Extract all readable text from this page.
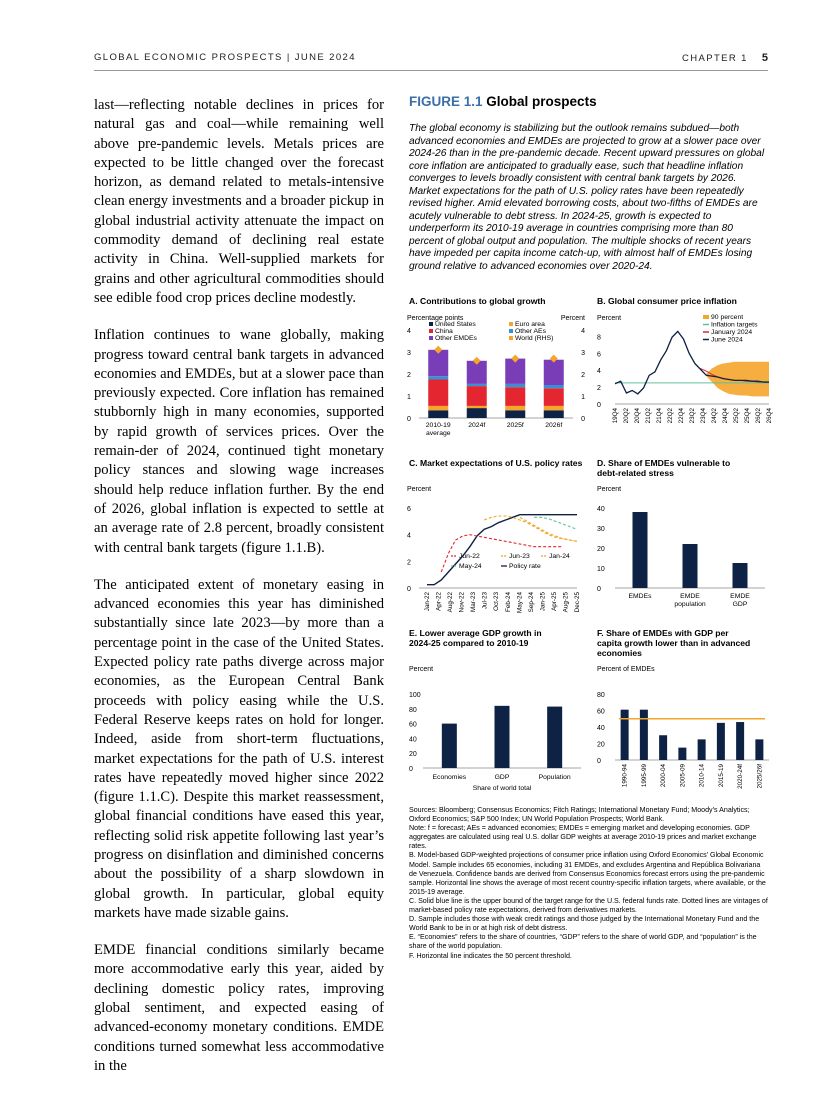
GLOBAL ECONOMIC PROSPECTS | JUNE 2024	CHAPTER 1 5

last—reflecting notable declines in prices for natural gas and coal—while remaining well above pre-pandemic levels. Metals prices are expected to be little changed over the forecast horizon, as demand related to metals-intensive clean energy investments and a broader pickup in global industrial activity attenuate the impact on commodity demand of declining real estate activity in China. Well-supplied markets for grains and other agricultural commodities should see edible food crop prices decline modestly.

Inflation continues to wane globally, making progress toward central bank targets in advanced economies and EMDEs, but at a slower pace than previously expected. Core inflation has remained stubbornly high in many economies, supported by rapid growth of services prices. Over the remain-der of 2024, continued tight monetary policy stances and slowing wage increases should help reduce inflation further. By the end of 2026, global inflation is expected to settle at an average rate of 2.8 percent, broadly consistent with central bank targets (figure 1.1.B).

The anticipated extent of monetary easing in advanced economies this year has diminished substantially since late 2023—by more than a percentage point in the case of the United States. Expected policy rate paths diverge across major economies, as the European Central Bank proceeds with policy easing while the U.S. Federal Reserve keeps rates on hold for longer. Indeed, aside from short-term fluctuations, market expectations for the path of U.S. interest rates have repeatedly moved higher since 2022 (figure 1.1.C). Despite this market reassessment, global financial conditions have eased this year, reflecting solid risk appetite following last year’s progress on disinflation and diminished concerns about the possibility of a sharp slowdown in global growth. In particular, global equity markets have made sizable gains.

EMDE financial conditions similarly became more accommodative early this year, aided by declining domestic policy rates, improving global sentiment, and expected easing of advanced-economy monetary conditions. EMDE conditions turned somewhat less accommodative in the

FIGURE 1.1 Global prospects
The global economy is stabilizing but the outlook remains subdued—both advanced economies and EMDEs are projected to grow at a slower pace over 2024-26 than in the pre-pandemic decade. Recent upward pressures on global core inflation are anticipated to gradually ease, such that headline inflation converges to levels broadly consistent with central bank targets by 2026. Market expectations for the path of U.S. policy rates have been repeatedly revised higher. Amid elevated borrowing costs, about two-fifths of EMDEs are acutely vulnerable to debt stress. In 2024-25, growth is expected to underperform its 2010-19 average in countries comprising more than 80 percent of global output and population. The multiple shocks of recent years have impeded per capita income catch-up, with almost half of EMDEs losing ground relative to advanced economies over 2020-24.
A. Contributions to global growth
Percentage points	Percent
0	0
1	1
2	2
3	3
4	4
2010-19
average
2024f	2025f	2026f
United States
China
Other EMDEs
Euro area
Other AEs
World (RHS)
B. Global consumer price inflation
Percent
0
2
4
6
8
19Q4 20Q2 20Q4 21Q2 21Q4 22Q2 22Q4 23Q2 23Q4 24Q2 24Q4 25Q2 25Q4 26Q2 26Q4
90 percent
Inflation targets
January 2024
June 2024
C. Market expectations of U.S. policy rates
Percent
0
2
4
6
Jan-22 Apr-22 Aug-22 Nov-22 Mar-23 Jul-23 Oct-23 Feb-24 May-24 Sep-24 Jan-25 Apr-25 Aug-25 Dec-25
Jun-22	Jun-23	Jan-24
May-24	Policy rate
D. Share of EMDEs vulnerable to
debt-related stress
Percent
0
10
20
30
40
EMDEs	EMDE
population
EMDE
GDP
E. Lower average GDP growth in
2024-25 compared to 2010-19
Percent
0
20
40
60
80
100
Economies	GDP	Population
Share of world total
F. Share of EMDEs with GDP per
capita growth lower than in advanced
economies
Percent of EMDEs
0
20
40
60
80
1990-94 1995-99 2000-04 2005-09 2010-14 2015-19 2020-24f 2025/26f
Sources: Bloomberg; Consensus Economics; Fitch Ratings; International Monetary Fund; Moody’s Analytics; Oxford Economics; S&P 500 Index; UN World Population Prospects; World Bank.
Note: f = forecast; AEs = advanced economies; EMDEs = emerging market and developing economies. GDP aggregates are calculated using real U.S. dollar GDP weights at average 2010-19 prices and market exchange rates.
B. Model-based GDP-weighted projections of consumer price inflation using Oxford Economics’ Global Economic Model. Sample includes 65 economies, including 31 EMDEs, and excludes Argentina and República Bolivariana de Venezuela. Confidence bands are derived from Consensus Economics forecast errors using the pre-pandemic sample. Horizontal line shows the average of most recent country-specific inflation targets, where available, or the 2015-19 average.
C. Solid blue line is the upper bound of the target range for the U.S. federal funds rate. Dotted lines are vintages of market-based policy rate expectations, derived from derivatives markets.
D. Sample includes those with weak credit ratings and those judged by the International Monetary Fund and the World Bank to be in or at high risk of debt distress.
E. “Economies” refers to the share of countries, “GDP” refers to the share of world GDP, and “population” is the share of the world population.
F. Horizontal line indicates the 50 percent threshold.
